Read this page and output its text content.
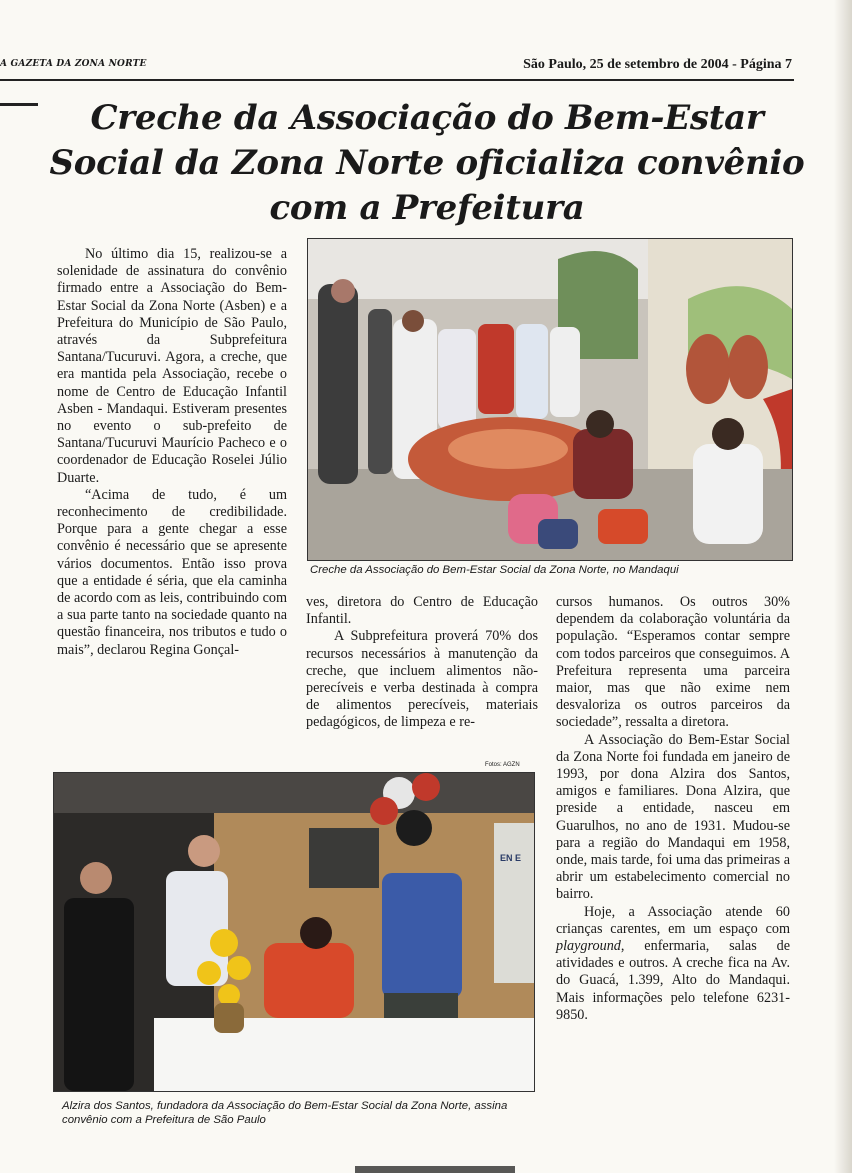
A GAZETA DA ZONA NORTE	São Paulo, 25 de setembro de 2004 - Página 7
Creche da Associação do Bem-Estar Social da Zona Norte oficializa convênio com a Prefeitura

No último dia 15, realizou-se a solenidade de assinatura do convênio firmado entre a Associação do Bem-Estar Social da Zona Norte (Asben) e a Prefeitura do Município de São Paulo, através da Subprefeitura Santana/Tucuruvi. Agora, a creche, que era mantida pela Associação, recebe o nome de Centro de Educação Infantil Asben - Mandaqui. Estiveram presentes no evento o sub-prefeito de Santana/Tucuruvi Maurício Pacheco e o coordenador de Educação Roselei Júlio Duarte.

“Acima de tudo, é um reconhecimento de credibilidade. Porque para a gente chegar a esse convênio é necessário que se apresente vários documentos. Então isso prova que a entidade é séria, que ela caminha de acordo com as leis, contribuindo com a sua parte tanto na sociedade quanto na questão financeira, nos tributos e tudo o mais”, declarou Regina Gonçal-

Creche da Associação do Bem-Estar Social da Zona Norte, no Mandaqui

ves, diretora do Centro de Educação Infantil.

A Subprefeitura proverá 70% dos recursos necessários à manutenção da creche, que incluem alimentos não-perecíveis e verba destinada à compra de alimentos perecíveis, materiais pedagógicos, de limpeza e re-

cursos humanos. Os outros 30% dependem da colaboração voluntária da população. “Esperamos contar sempre com todos parceiros que conseguimos. A Prefeitura representa uma parceira maior, mas que não exime nem desvaloriza os outros parceiros da sociedade”, ressalta a diretora.

A Associação do Bem-Estar Social da Zona Norte foi fundada em janeiro de 1993, por dona Alzira dos Santos, amigos e familiares. Dona Alzira, que preside a entidade, nasceu em Guarulhos, no ano de 1931. Mudou-se para a região do Mandaqui em 1958, onde, mais tarde, foi uma das primeiras a abrir um estabelecimento comercial no bairro.

Hoje, a Associação atende 60 crianças carentes, em um espaço com playground, enfermaria, salas de atividades e outros. A creche fica na Av. do Guacá, 1.399, Alto do Mandaqui. Mais informações pelo telefone 6231-9850.

Fotos: AGZN
EN E
Alzira dos Santos, fundadora da Associação do Bem-Estar Social da Zona Norte, assina convênio com a Prefeitura de São Paulo
